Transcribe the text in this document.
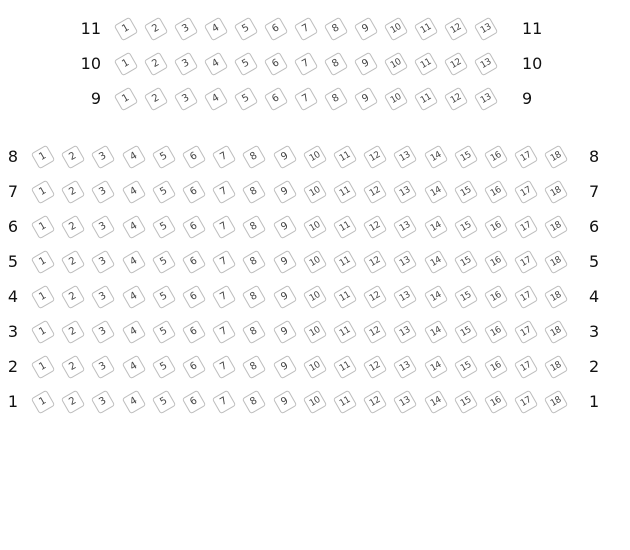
11	1	2	3	4	5	6	7	8	9	10	11	12	13	11
10	1	2	3	4	5	6	7	8	9	10	11	12	13	10
9	1	2	3	4	5	6	7	8	9	10	11	12	13	9
8	1	2	3	4	5	6	7	8	9	10	11	12	13	14	15	16	17	18	8
7	1	2	3	4	5	6	7	8	9	10	11	12	13	14	15	16	17	18	7
6	1	2	3	4	5	6	7	8	9	10	11	12	13	14	15	16	17	18	6
5	1	2	3	4	5	6	7	8	9	10	11	12	13	14	15	16	17	18	5
4	1	2	3	4	5	6	7	8	9	10	11	12	13	14	15	16	17	18	4
3	1	2	3	4	5	6	7	8	9	10	11	12	13	14	15	16	17	18	3
2	1	2	3	4	5	6	7	8	9	10	11	12	13	14	15	16	17	18	2
1	1	2	3	4	5	6	7	8	9	10	11	12	13	14	15	16	17	18	1
